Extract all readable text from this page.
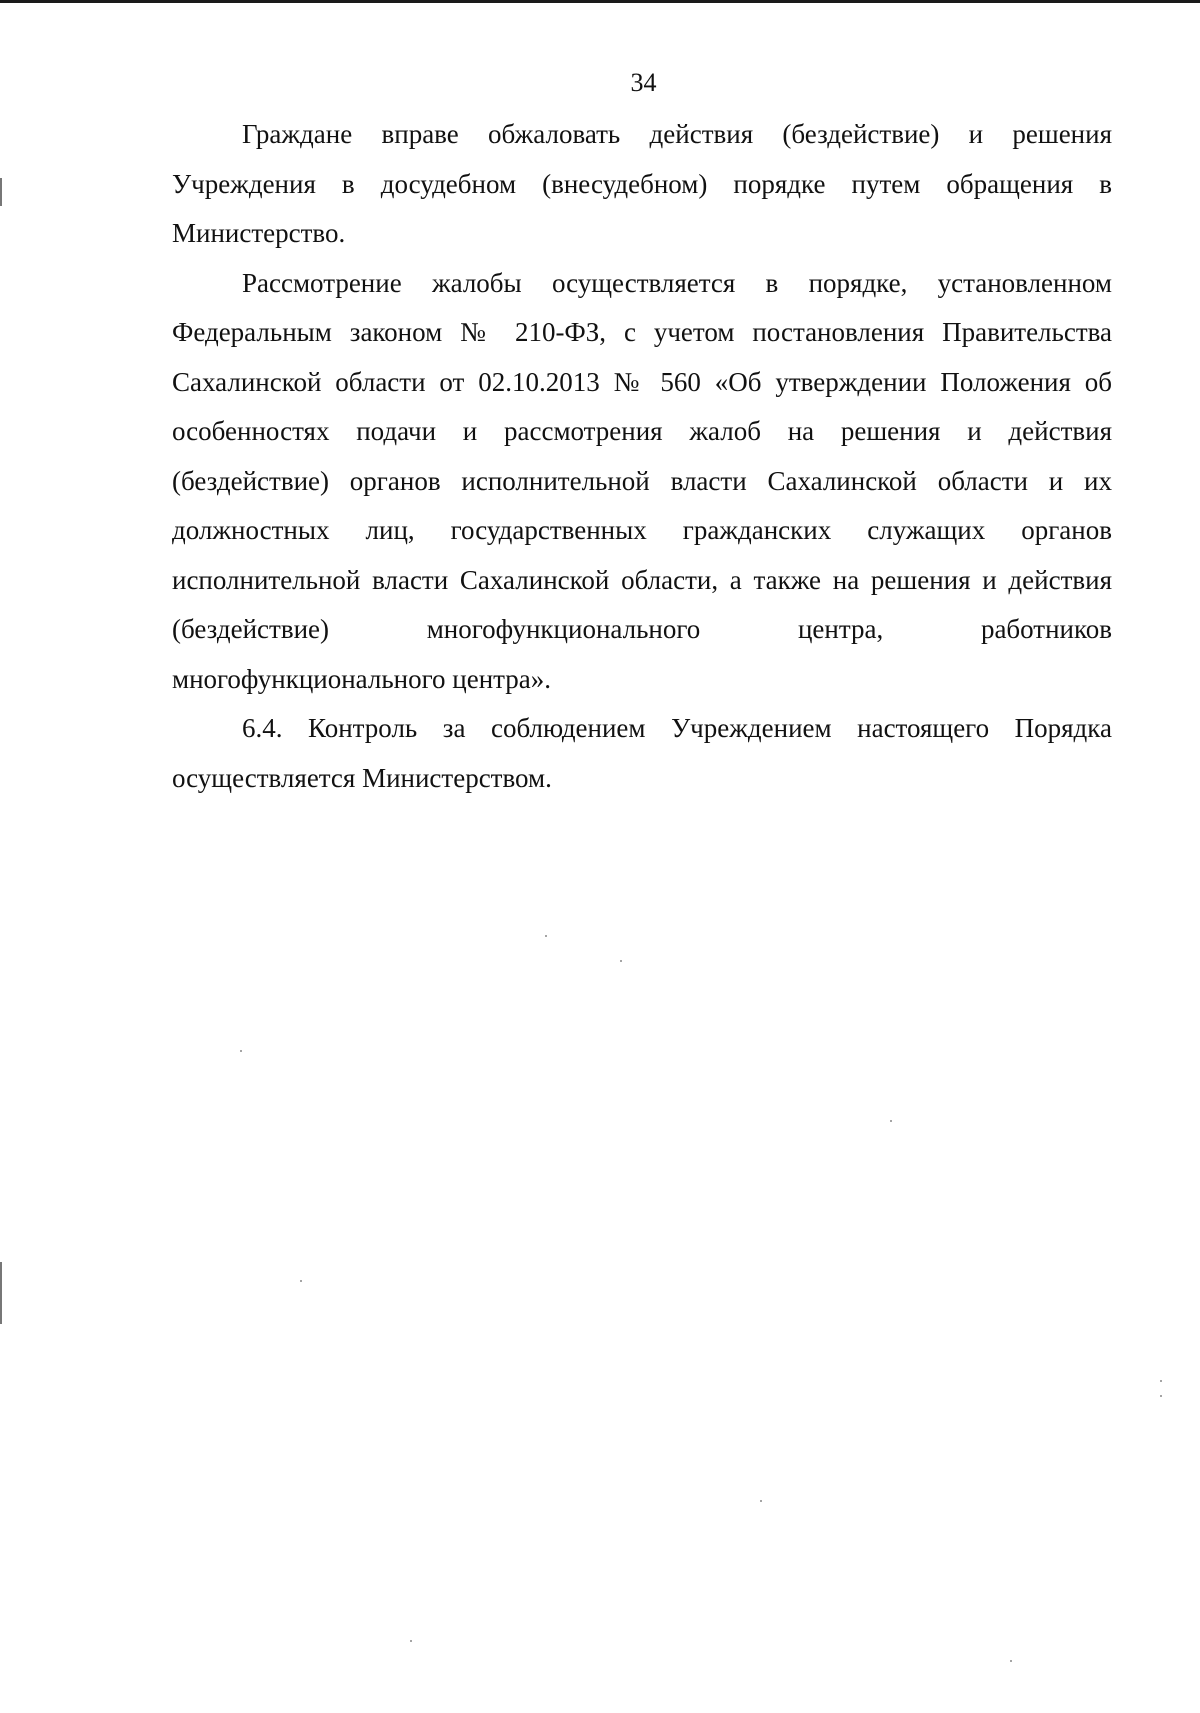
34

Граждане вправе обжаловать действия (бездействие) и решения Учреждения в досудебном (внесудебном) порядке путем обращения в Министерство.

Рассмотрение жалобы осуществляется в порядке, установленном Федеральным законом № 210-ФЗ, с учетом постановления Правительства Сахалинской области от 02.10.2013 № 560 «Об утверждении Положения об особенностях подачи и рассмотрения жалоб на решения и действия (бездействие) органов исполнительной власти Сахалинской области и их должностных лиц, государственных гражданских служащих органов исполнительной власти Сахалинской области, а также на решения и действия (бездействие) многофункционального центра, работников многофункционального центра».

6.4. Контроль за соблюдением Учреждением настоящего Порядка осуществляется Министерством.
